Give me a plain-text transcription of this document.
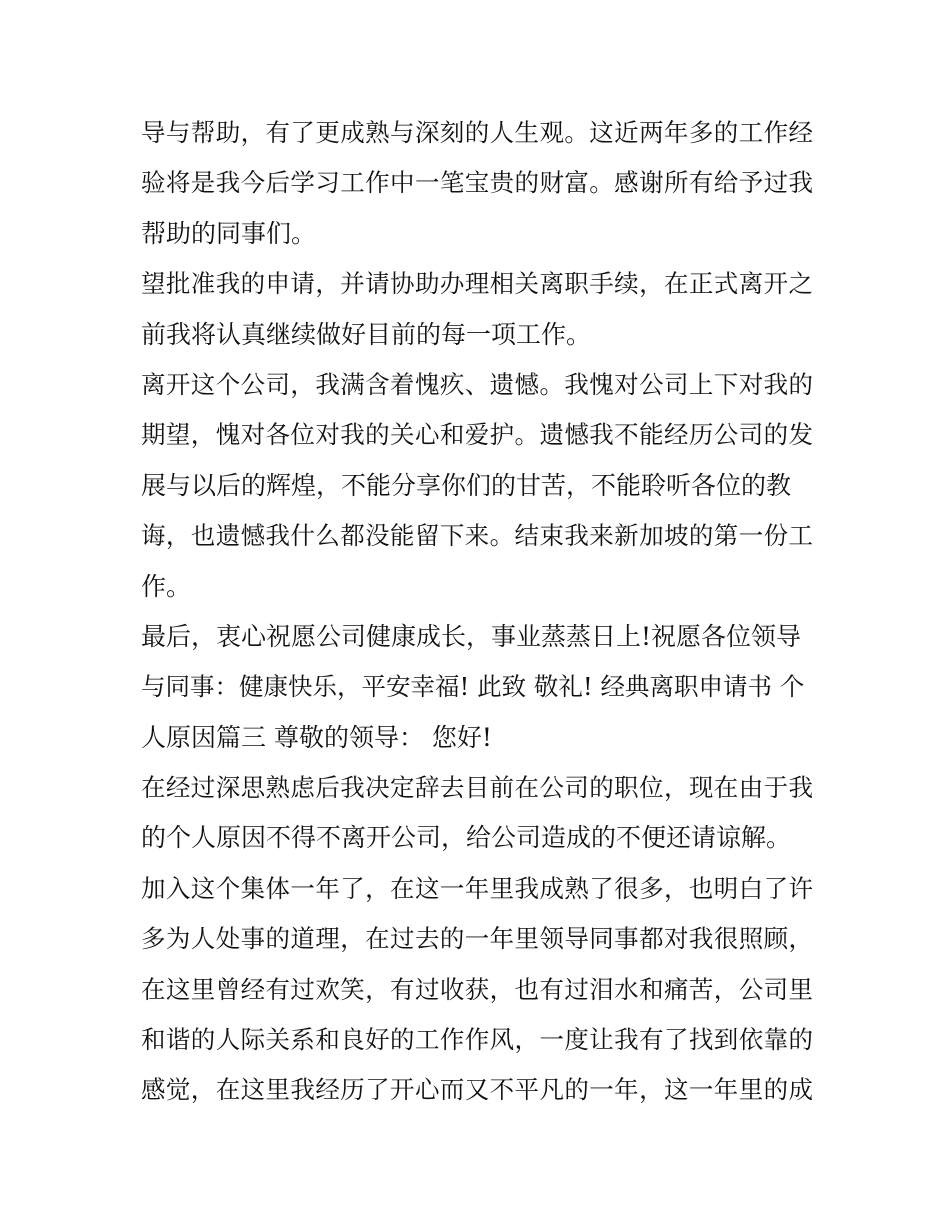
导与帮助，有了更成熟与深刻的人生观。这近两年多的工作经
验将是我今后学习工作中一笔宝贵的财富。感谢所有给予过我
帮助的同事们。
望批准我的申请，并请协助办理相关离职手续，在正式离开之
前我将认真继续做好目前的每一项工作。
离开这个公司，我满含着愧疚、遗憾。我愧对公司上下对我的
期望，愧对各位对我的关心和爱护。遗憾我不能经历公司的发
展与以后的辉煌，不能分享你们的甘苦，不能聆听各位的教
诲，也遗憾我什么都没能留下来。结束我来新加坡的第一份工
作。
最后，衷心祝愿公司健康成长，事业蒸蒸日上!祝愿各位领导
与同事：健康快乐，平安幸福! 此致 敬礼! 经典离职申请书 个
人原因篇三 尊敬的领导： 您好!
在经过深思熟虑后我决定辞去目前在公司的职位，现在由于我
的个人原因不得不离开公司，给公司造成的不便还请谅解。
加入这个集体一年了，在这一年里我成熟了很多，也明白了许
多为人处事的道理，在过去的一年里领导同事都对我很照顾，
在这里曾经有过欢笑，有过收获，也有过泪水和痛苦，公司里
和谐的人际关系和良好的工作作风，一度让我有了找到依靠的
感觉，在这里我经历了开心而又不平凡的一年，这一年里的成
